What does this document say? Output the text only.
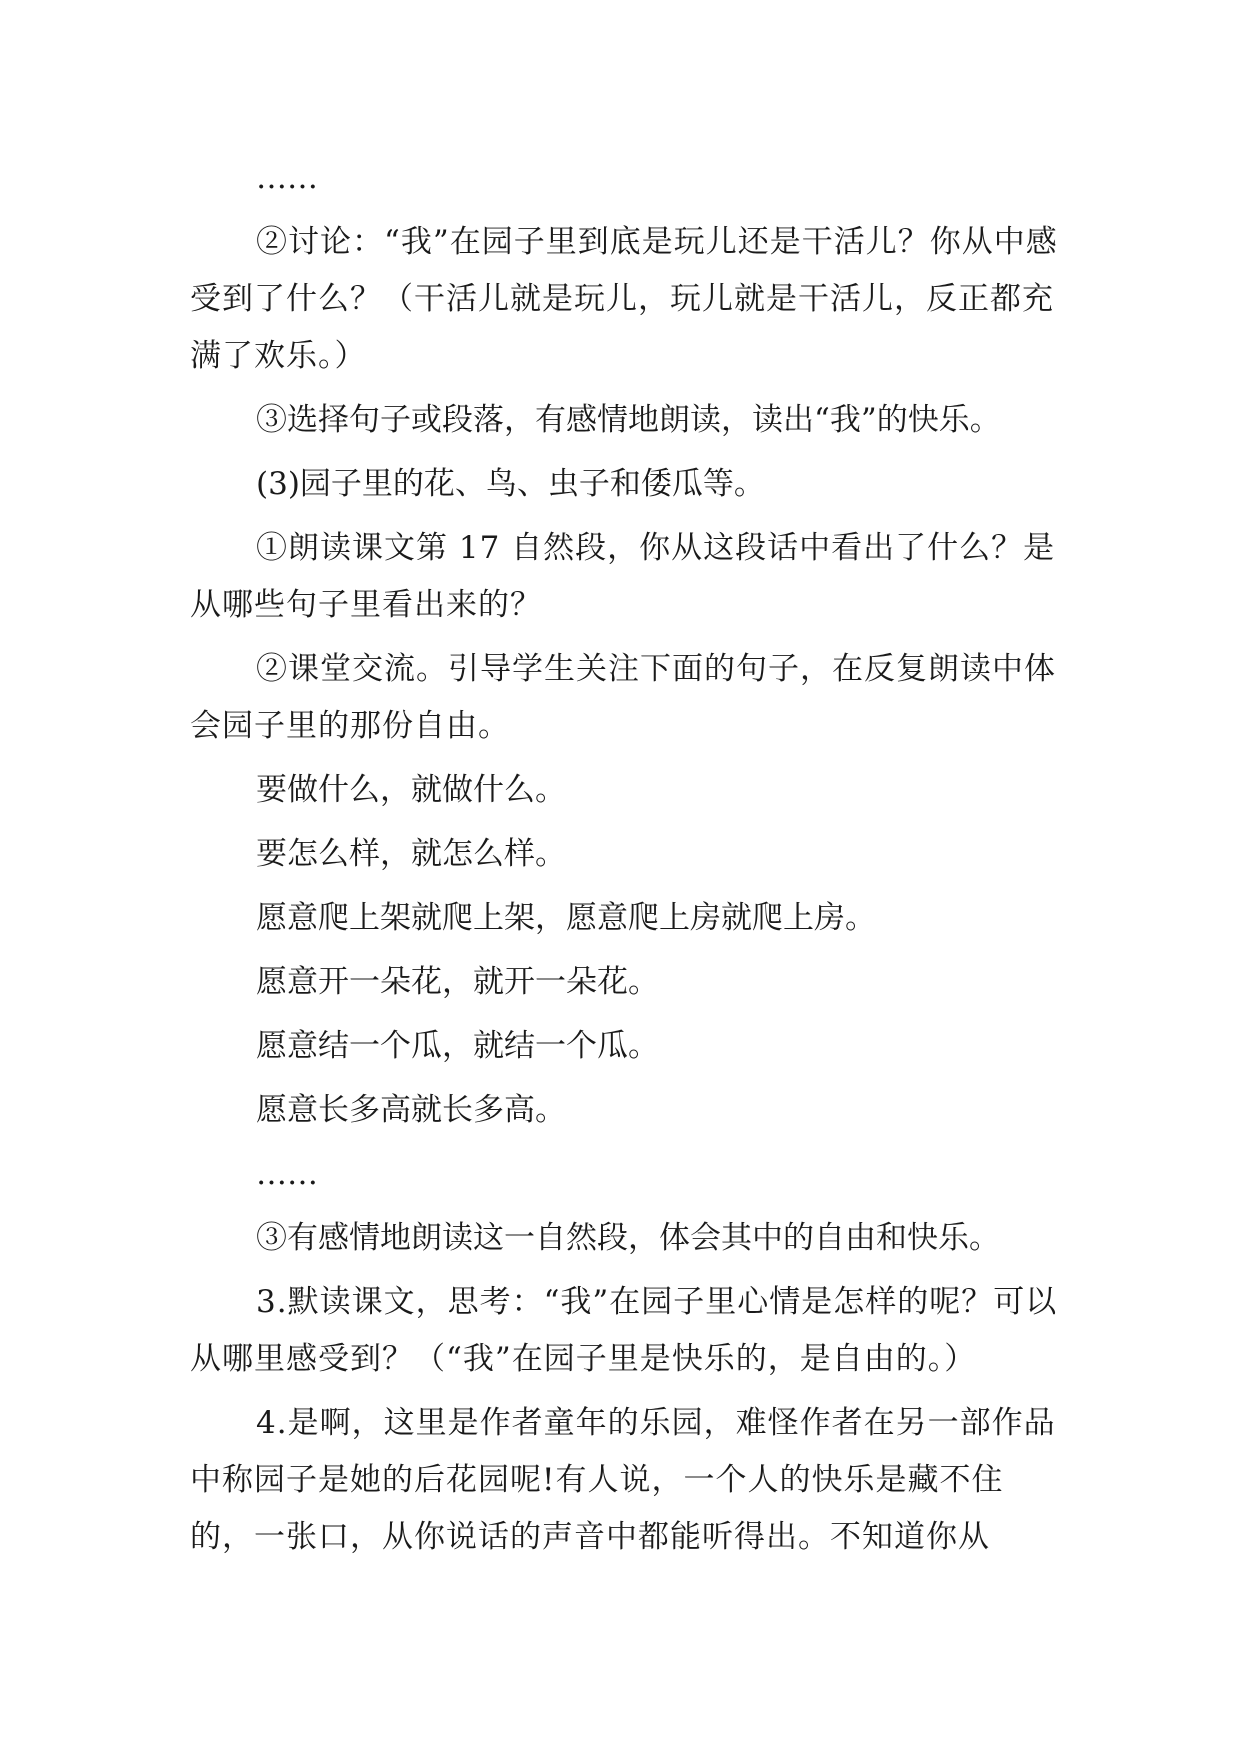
……

②讨论：“我”在园子里到底是玩儿还是干活儿？你从中感受到了什么？（干活儿就是玩儿，玩儿就是干活儿，反正都充满了欢乐。）

③选择句子或段落，有感情地朗读，读出“我”的快乐。

(3)园子里的花、鸟、虫子和倭瓜等。

①朗读课文第 17 自然段，你从这段话中看出了什么？是从哪些句子里看出来的？

②课堂交流。引导学生关注下面的句子，在反复朗读中体会园子里的那份自由。

要做什么，就做什么。

要怎么样，就怎么样。

愿意爬上架就爬上架，愿意爬上房就爬上房。

愿意开一朵花，就开一朵花。

愿意结一个瓜，就结一个瓜。

愿意长多高就长多高。

……

③有感情地朗读这一自然段，体会其中的自由和快乐。

3.默读课文，思考：“我”在园子里心情是怎样的呢？可以从哪里感受到？（“我”在园子里是快乐的，是自由的。）

4.是啊，这里是作者童年的乐园，难怪作者在另一部作品中称园子是她的后花园呢!有人说，一个人的快乐是藏不住的，一张口，从你说话的声音中都能听得出。不知道你从
